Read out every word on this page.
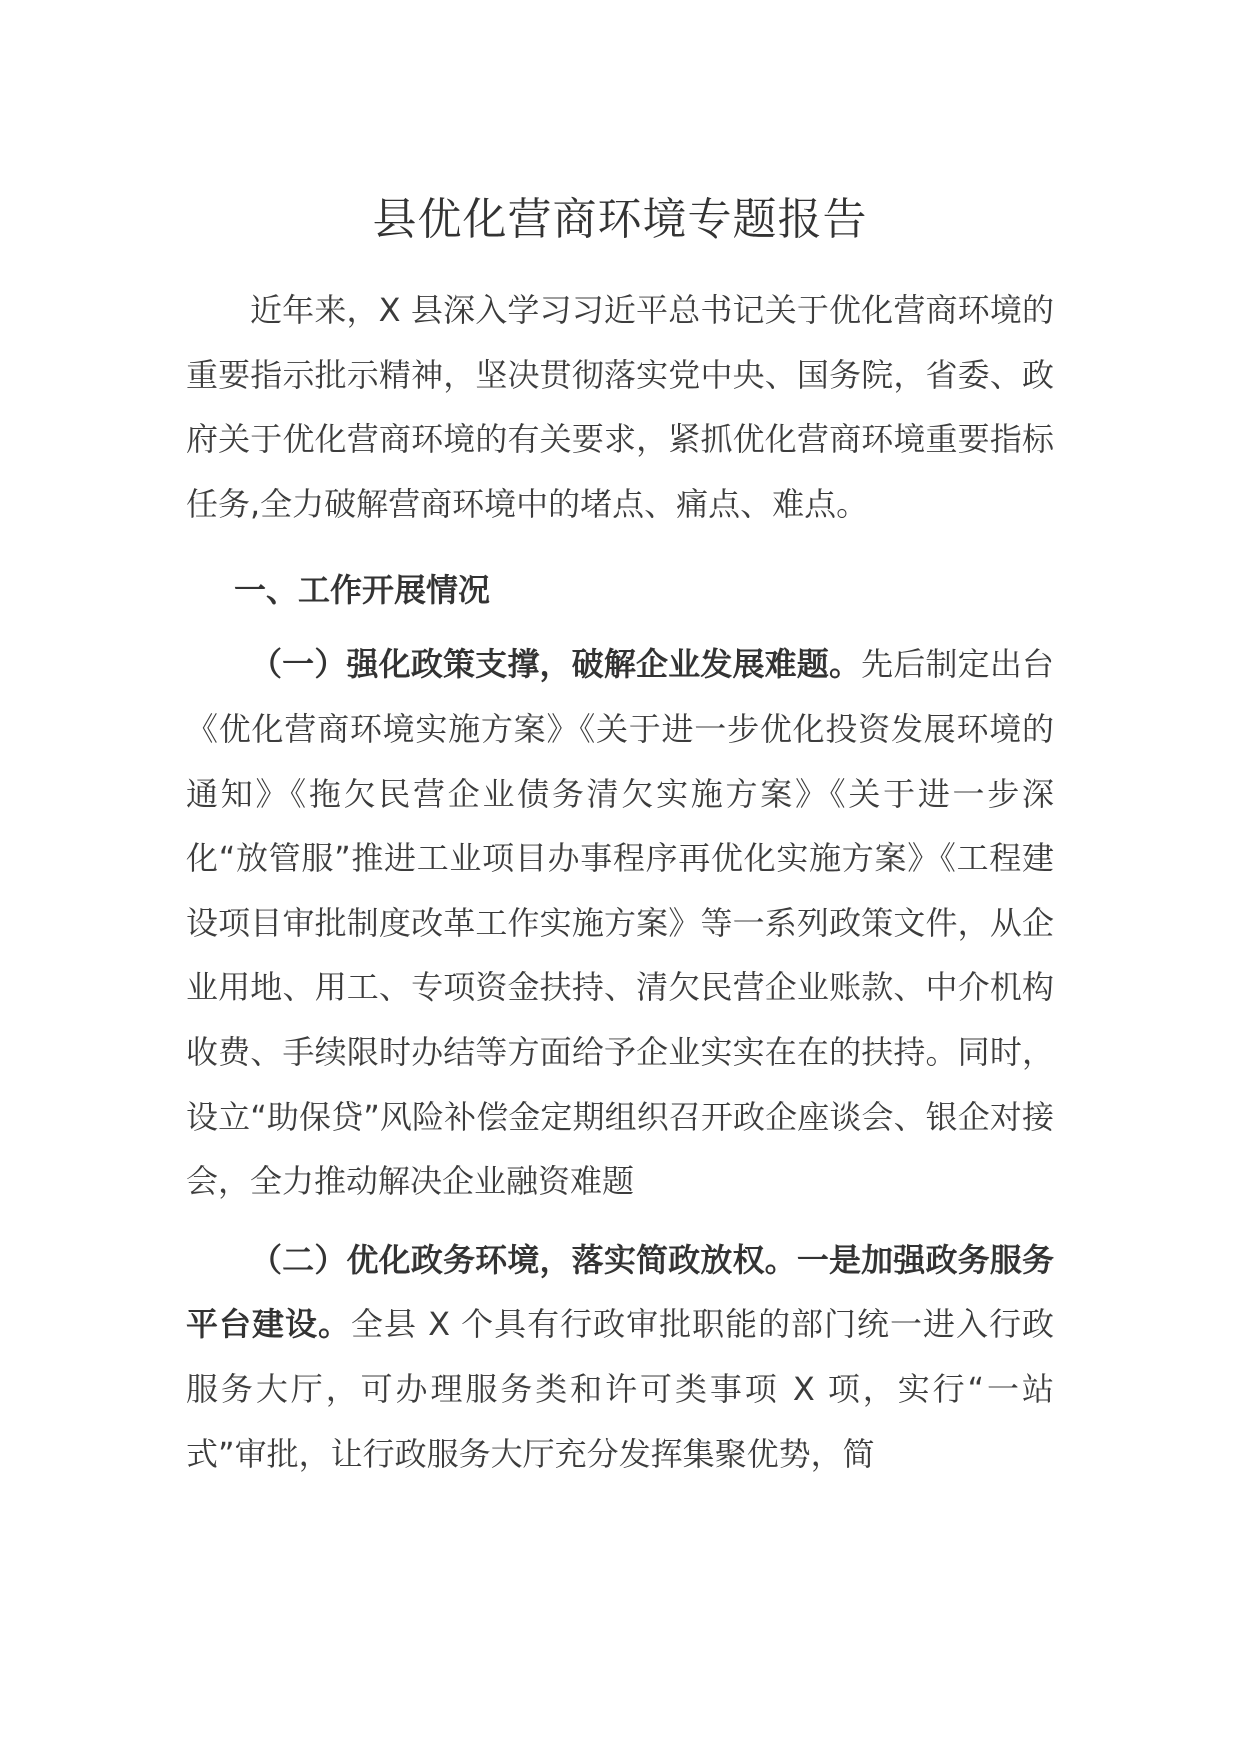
县优化营商环境专题报告

近年来，X 县深入学习习近平总书记关于优化营商环境的重要指示批示精神，坚决贯彻落实党中央、国务院，省委、政府关于优化营商环境的有关要求，紧抓优化营商环境重要指标任务,全力破解营商环境中的堵点、痛点、难点。

一、工作开展情况

（一）强化政策支撑，破解企业发展难题。先后制定出台《优化营商环境实施方案》《关于进一步优化投资发展环境的通知》《拖欠民营企业债务清欠实施方案》《关于进一步深化“放管服”推进工业项目办事程序再优化实施方案》《工程建设项目审批制度改革工作实施方案》等一系列政策文件，从企业用地、用工、专项资金扶持、清欠民营企业账款、中介机构收费、手续限时办结等方面给予企业实实在在的扶持。同时，设立“助保贷”风险补偿金定期组织召开政企座谈会、银企对接会，全力推动解决企业融资难题

（二）优化政务环境，落实简政放权。一是加强政务服务平台建设。全县 X 个具有行政审批职能的部门统一进入行政服务大厅，可办理服务类和许可类事项 X 项，实行“一站式”审批，让行政服务大厅充分发挥集聚优势，简
